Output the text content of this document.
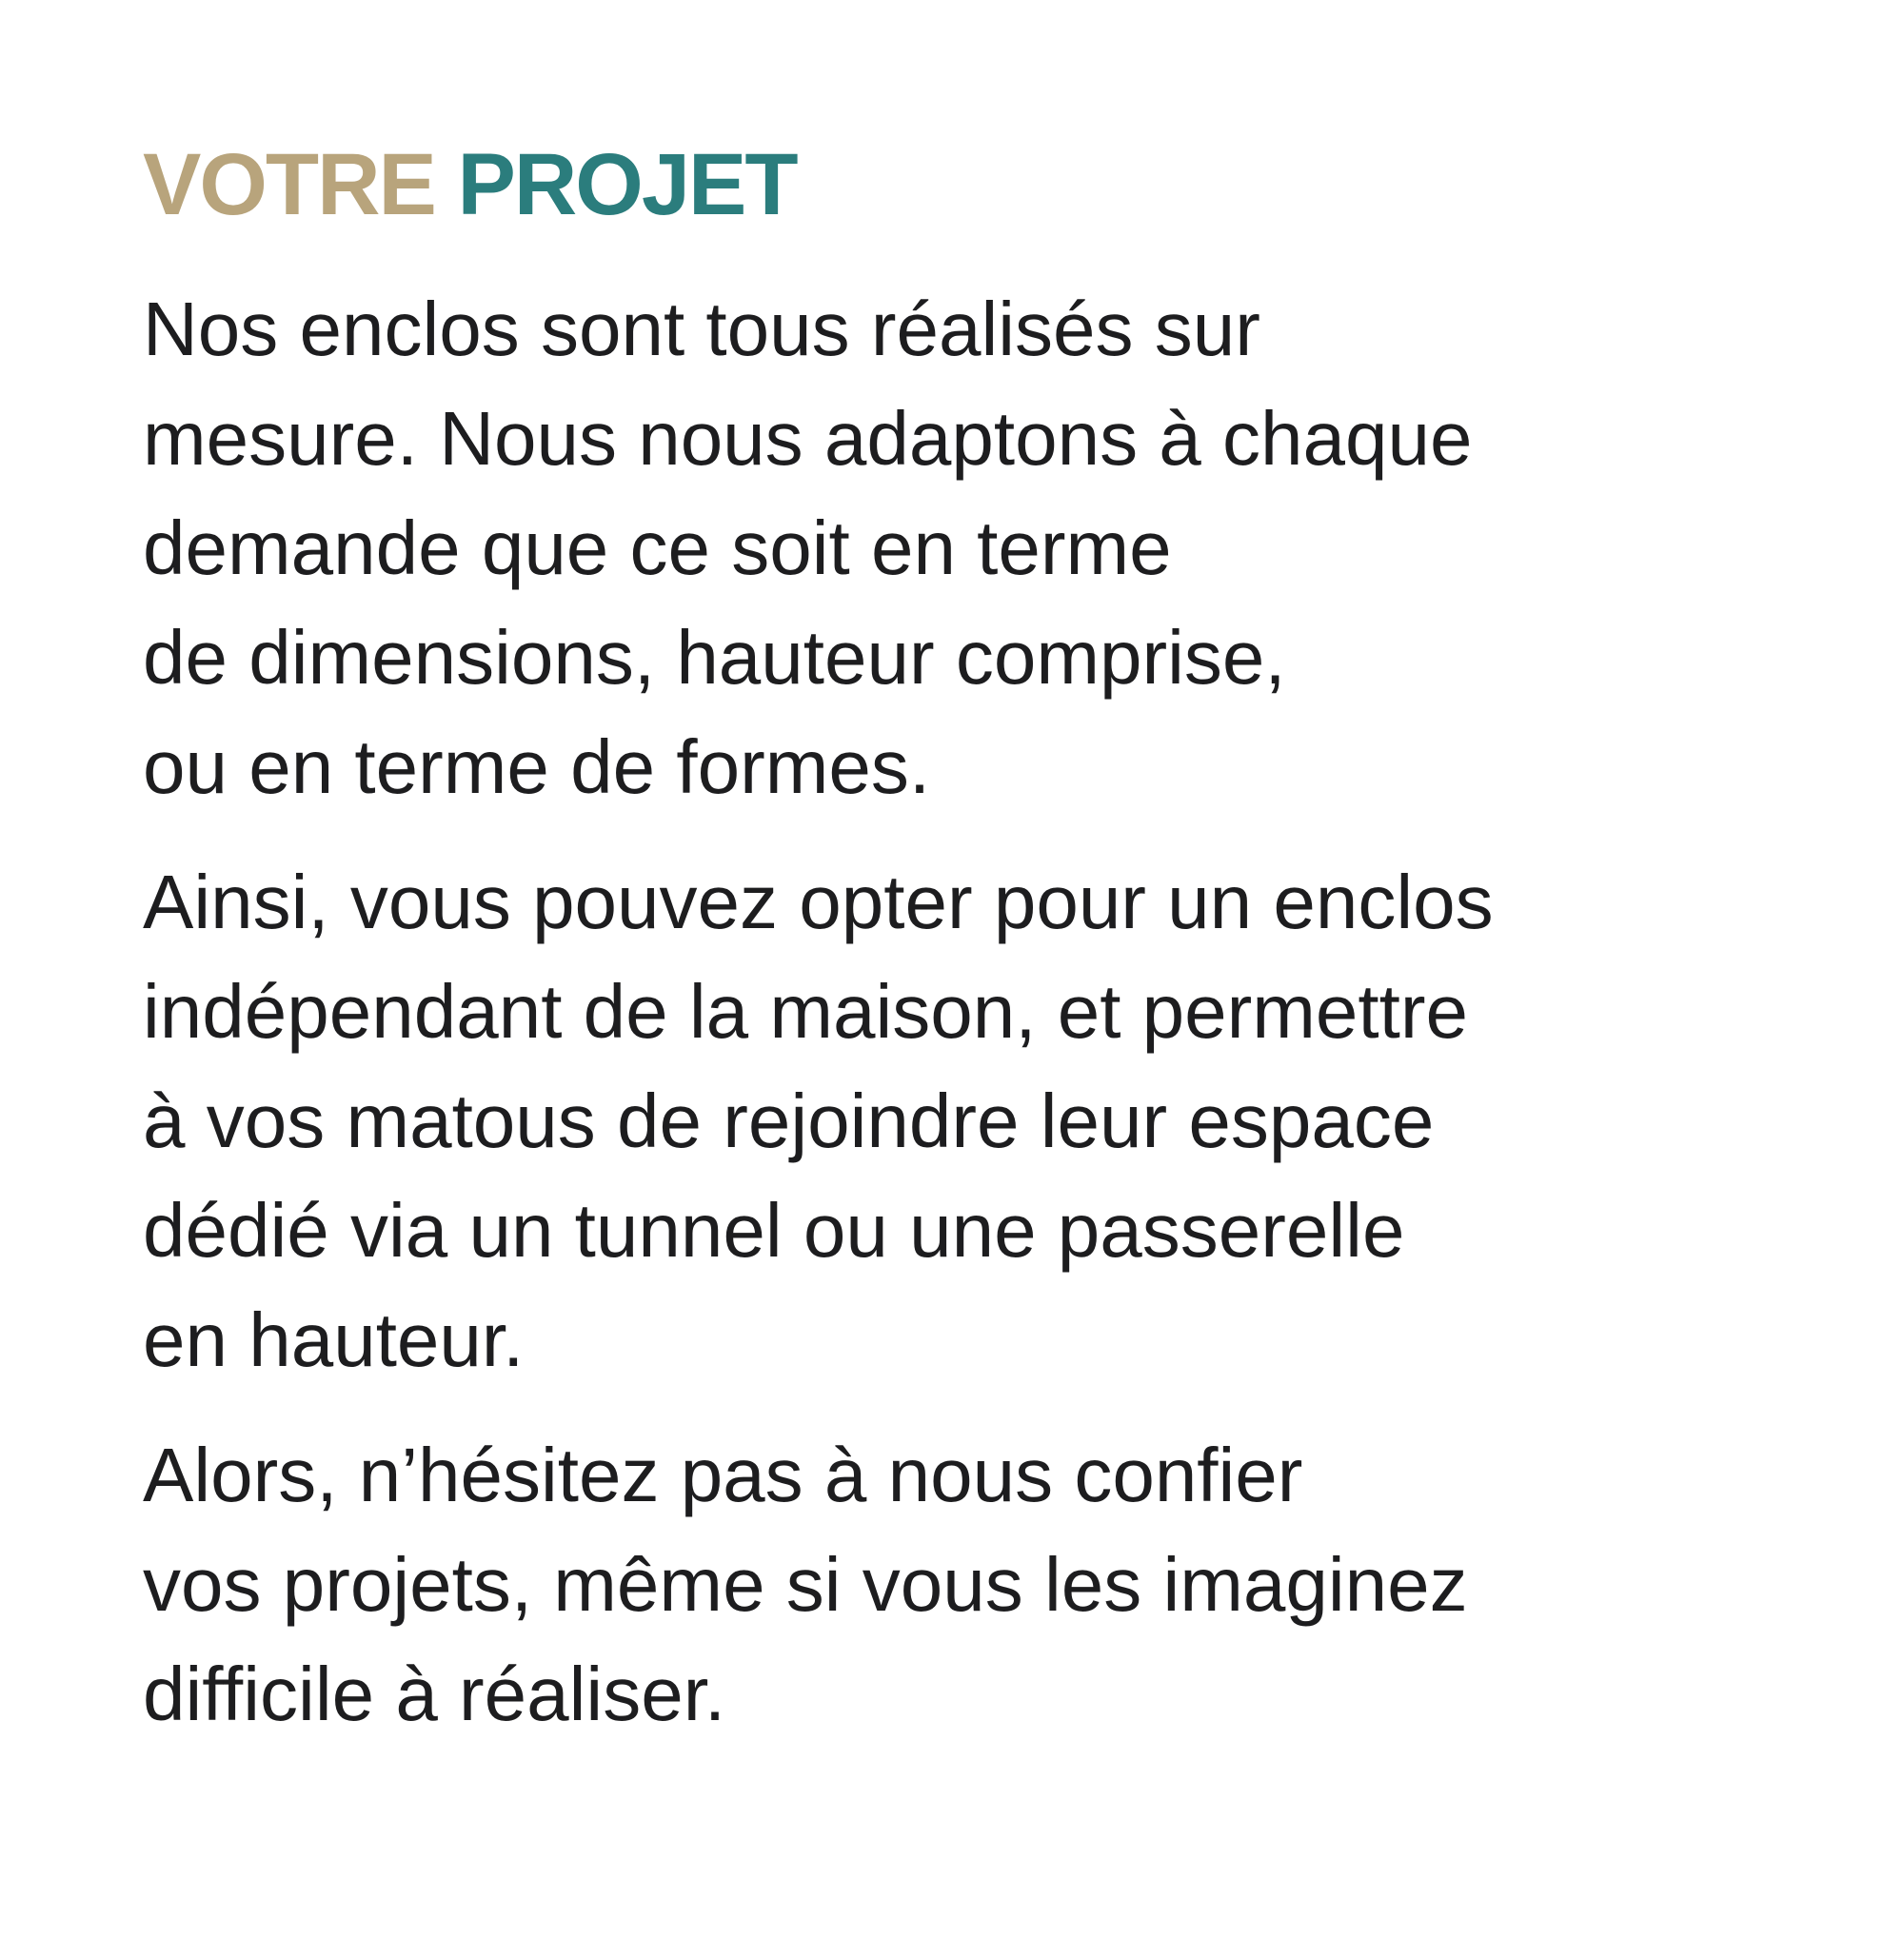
VOTRE PROJET

Nos enclos sont tous réalisés sur
mesure. Nous nous adaptons à chaque
demande que ce soit en terme
de dimensions, hauteur comprise,
ou en terme de formes.

Ainsi, vous pouvez opter pour un enclos
indépendant de la maison, et permettre
à vos matous de rejoindre leur espace
dédié via un tunnel ou une passerelle
en hauteur.

Alors, n’hésitez pas à nous confier
vos projets, même si vous les imaginez
difficile à réaliser.
